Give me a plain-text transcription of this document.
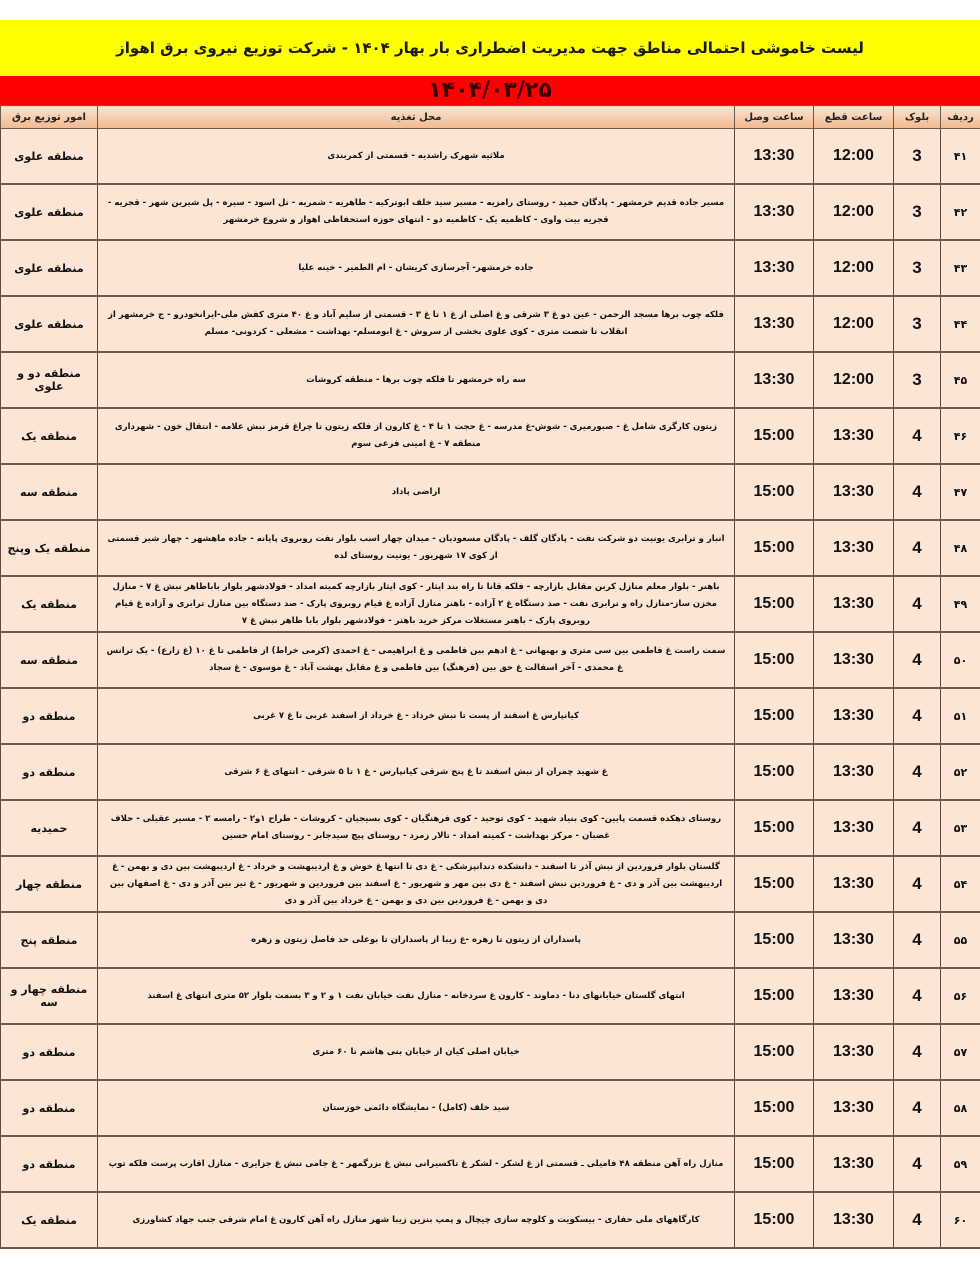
لیست خاموشی احتمالی مناطق جهت مدیریت اضطراری بار بهار ۱۴۰۴ - شرکت توزیع نیروی برق اهواز
۱۴۰۴/۰۳/۲۵
ردیف	بلوک	ساعت قطع	ساعت وصل	محل تغذیه	امور توزیع برق
۴۱	3	12:00	13:30	ملاثیه شهرک راشدیه - قسمتی از کمربندی	منطقه علوی
۴۲	3	12:00	13:30	مسیر جاده قدیم خرمشهر - پادگان حمید - روستای رامزیه - مسیر سید خلف ابوترکیه - طاهریه - شمریه - تل اسود - سیره - پل شیرین شهر - قجریه - قجریه بیت واوی - کاظمیه یک - کاظمیه دو - انتهای حوزه استحفاظی اهواز و شروع خرمشهر	منطقه علوی
۴۳	3	12:00	13:30	جاده خرمشهر- آجرسازی کریشان - ام الطمیر - خینه علیا	منطقه علوی
۴۴	3	12:00	13:30	فلکه چوب برها مسجد الرحمن - عین دو غ ۳ شرقی و غ اصلی از غ ۱ تا غ ۳ - قسمتی از سلیم آباد و غ ۴۰ متری کفش ملی-ایرانخودرو - ج خرمشهر از انقلاب تا شصت متری - کوی علوی بخشی از سروش - غ ابومسلم- بهداشت - مشعلی - کردونی- مسلم	منطقه علوی
۴۵	3	12:00	13:30	سه راه خرمشهر تا فلکه چوب برها - منطقه کروشات	منطقه دو و علوی
۴۶	4	13:30	15:00	زیتون کارگری شامل غ - صبورمیری - شوش-غ مدرسه - غ حجت ۱ تا ۴ - غ کارون از فلکه زیتون تا چراغ قرمز نبش علامه - انتقال خون - شهرداری منطقه ۷ - غ امینی فرعی سوم	منطقه یک
۴۷	4	13:30	15:00	اراضی پاداد	منطقه سه
۴۸	4	13:30	15:00	انبار و ترابری یونیت دو شرکت نفت - پادگان گلف - پادگان مسعودیان - میدان چهار اسب بلوار نفت روبروی پایانه - جاده ماهشهر - چهار شیر قسمتی از کوی ۱۷ شهریور - یونیت روستای لده	منطقه یک وپنج
۴۹	4	13:30	15:00	باهنر - بلوار معلم منازل کربن مقابل بازارچه - فلکه قانا تا راه بند ایثار - کوی ایثار بازارچه کمیته امداد - فولادشهر بلوار باباطاهر نبش غ ۷ - منازل مخزن ساز-منازل راه و ترابری نفت - صد دستگاه غ ۲ آزاده - باهنر منازل آزاده غ قیام روبروی پارک - صد دستگاه بین منازل ترابری و آزاده غ قیام روبروی پارک - باهنر مستغلات مرکز خرید باهنر - فولادشهر بلوار بابا طاهر نبش غ ۷	منطقه یک
۵۰	4	13:30	15:00	سمت راست غ فاطمی بین سی متری و بهبهانی - غ ادهم بین فاطمی و غ ابراهیمی - غ احمدی (کرمی خراط) از فاطمی تا غ ۱۰ (غ زارع) - یک ترانس غ محمدی - آخر اسفالت غ حق بین (فرهنگ) بین فاطمی و غ مقابل بهشت آباد - غ موسوی - غ سجاد	منطقه سه
۵۱	4	13:30	15:00	کیانپارس غ اسفند از پست تا نبش خرداد - غ خرداد از اسفند غربی تا غ ۷ غربی	منطقه دو
۵۲	4	13:30	15:00	غ شهید چمران از نبش اسفند تا غ پنج شرقی کیانپارس - غ ۱ تا ۵ شرقی - انتهای غ ۶ شرقی	منطقه دو
۵۳	4	13:30	15:00	روستای دهکده قسمت پایین- کوی بنیاد شهید - کوی توحید - کوی فرهنگیان - کوی بسیجیان - کروشات - طراح ۱و۲ - رامسه ۲ - مسیر عقیلی - حلاف غضبان - مرکز بهداشت - کمیته امداد - تالار زمرد - روستای پیچ سیدجابر - روستای امام حسین	حمیدیه
۵۴	4	13:30	15:00	گلستان بلوار فروردین از نبش آذر تا اسفند - دانشکده دندانپزشکی - غ دی تا انتها غ خوش و غ اردیبهشت و خرداد - غ اردیبهشت بین دی و بهمن - غ اردیبهشت بین آذر و دی - غ فروردین نبش اسفند - غ دی بین مهر و شهریور - غ اسفند بین فروردین و شهریور - غ تیر بین آذر و دی - غ اصفهان بین دی و بهمن - غ فروردین بین دی و بهمن - غ خرداد بین آذر و دی	منطقه چهار
۵۵	4	13:30	15:00	پاسداران از زیتون تا زهره -غ زیبا از پاسداران تا بوعلی حد فاصل زیتون و زهره	منطقه پنج
۵۶	4	13:30	15:00	انتهای گلستان خیابانهای دنا - دماوند - کارون غ سردخانه - منازل نفت خیابان نفت ۱ و ۲ و ۳ بسمت بلوار ۵۲ متری انتهای غ اسفند	منطقه چهار و سه
۵۷	4	13:30	15:00	خیابان اصلی کیان از خیابان بنی هاشم تا ۶۰ متری	منطقه دو
۵۸	4	13:30	15:00	سید خلف (کامل) - نمایشگاه دائمی خوزستان	منطقه دو
۵۹	4	13:30	15:00	منازل راه آهن منطقه ۴۸ فامیلی ـ قسمتی از غ لشکر - لشکر غ تاکسیرانی نبش غ بزرگمهر - غ جامی نبش غ جزایری - منازل اقارب پرست فلکه توپ	منطقه دو
۶۰	4	13:30	15:00	کارگاههای ملی حفاری - بیسکویت و کلوچه سازی چیچال و پمپ بنزین زیبا شهر منازل راه آهن کارون غ امام شرقی جنب جهاد کشاورزی	منطقه یک
